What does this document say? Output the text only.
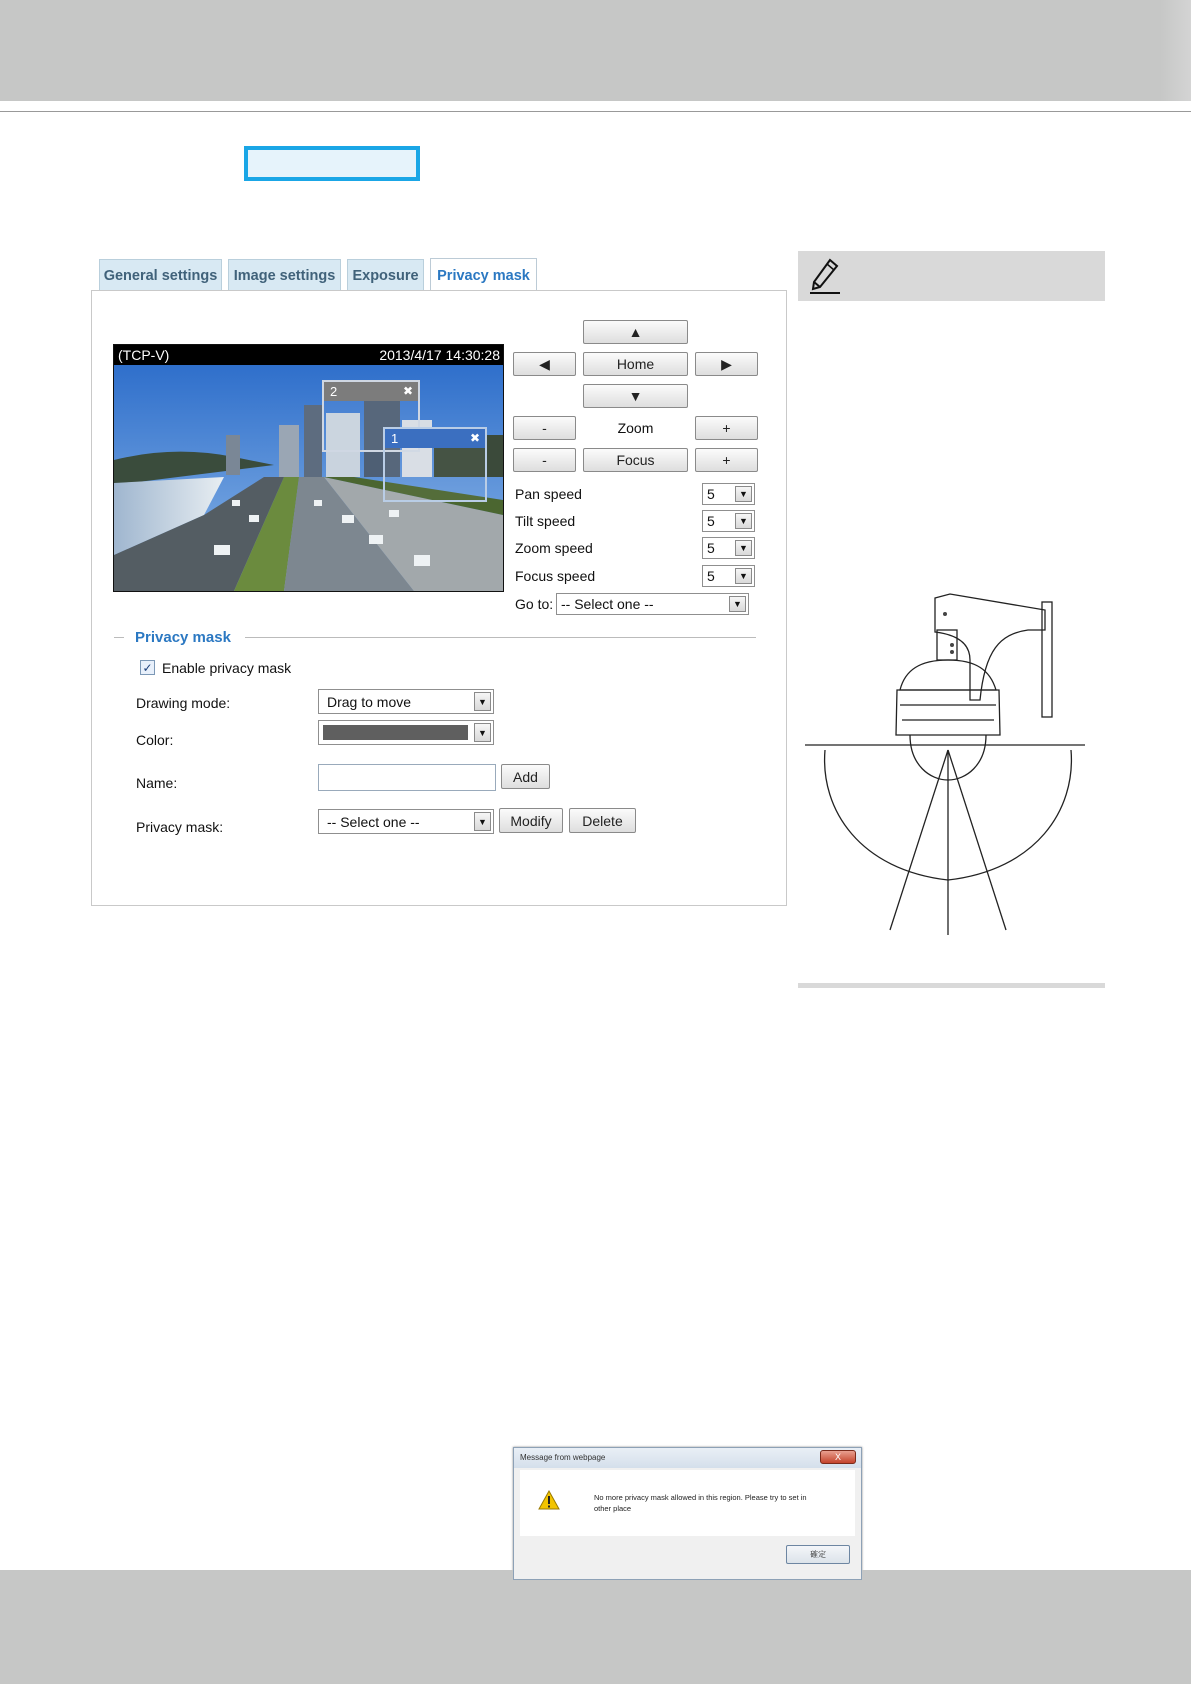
General settings	Image settings	Exposure	Privacy mask
(TCP-V)	2013/4/17 14:30:28
2	✖
1	✖
▲
◀	Home	▶
▼
-	Zoom	+
-	Focus	+
Pan speed	5	▼
Tilt speed	5	▼
Zoom speed	5	▼
Focus speed	5	▼
Go to: -- Select one --	▼
Privacy mask
✓ Enable privacy mask
Drawing mode:	Drag to move	▼
Color:	▼
Name:	Add
Privacy mask:	-- Select one --	▼	Modify	Delete
Message from webpage	X
No more privacy mask allowed in this region. Please try to set in other place
確定
